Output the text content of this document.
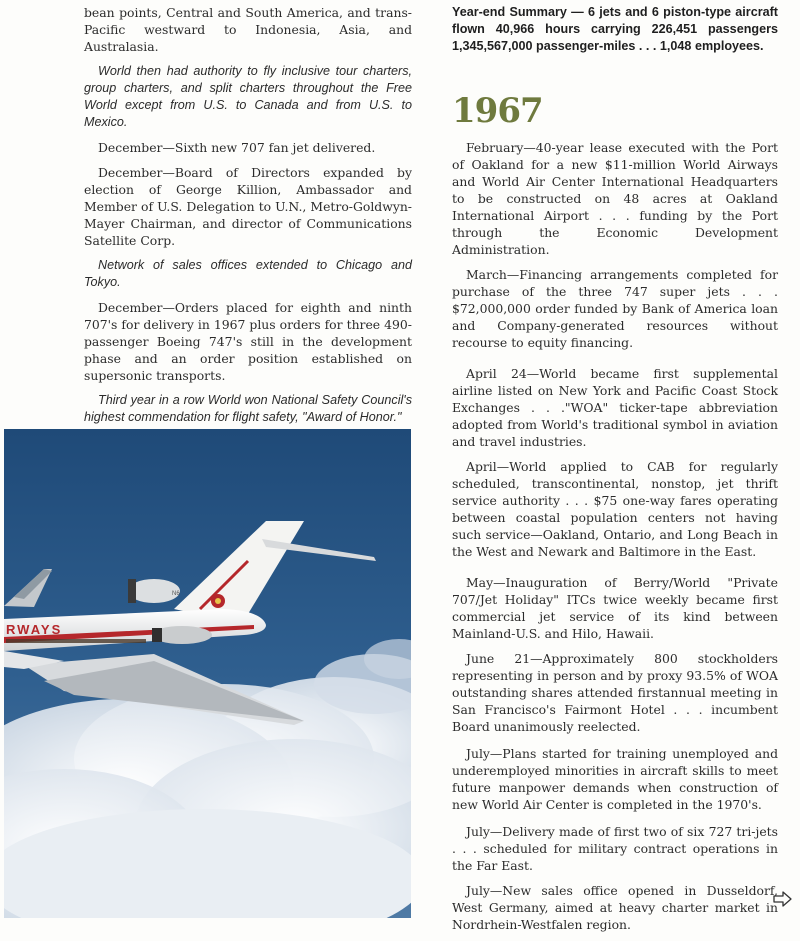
bean points, Central and South America, and trans-Pacific westward to Indonesia, Asia, and Australasia.

World then had authority to fly inclusive tour charters, group charters, and split charters throughout the Free World except from U.S. to Canada and from U.S. to Mexico.

December—Sixth new 707 fan jet delivered.

December—Board of Directors expanded by election of George Killion, Ambassador and Member of U.S. Delegation to U.N., Metro-Goldwyn-Mayer Chairman, and director of Communications Satellite Corp.

Network of sales offices extended to Chicago and Tokyo.

December—Orders placed for eighth and ninth 707's for delivery in 1967 plus orders for three 490-passenger Boeing 747's still in the development phase and an order position established on supersonic transports.

Third year in a row World won National Safety Council's highest commendation for flight safety, "Award of Honor."

N6
RWAYS

Year-end Summary — 6 jets and 6 piston-type aircraft flown 40,966 hours carrying 226,451 passengers 1,345,567,000 passenger-miles . . . 1,048 employees.

1967

February—40-year lease executed with the Port of Oakland for a new $11-million World Airways and World Air Center International Headquarters to be constructed on 48 acres at Oakland International Airport . . . funding by the Port through the Economic Development Administration.

March—Financing arrangements completed for purchase of the three 747 super jets . . . $72,000,000 order funded by Bank of America loan and Company-generated resources without recourse to equity financing.

April 24—World became first supplemental airline listed on New York and Pacific Coast Stock Exchanges . . ."WOA" ticker-tape abbreviation adopted from World's traditional symbol in aviation and travel industries.

April—World applied to CAB for regularly scheduled, transcontinental, nonstop, jet thrift service authority . . . $75 one-way fares operating between coastal population centers not having such service—Oakland, Ontario, and Long Beach in the West and Newark and Baltimore in the East.

May—Inauguration of Berry/World "Private 707/Jet Holiday" ITCs twice weekly became first commercial jet service of its kind between Mainland-U.S. and Hilo, Hawaii.

June 21—Approximately 800 stockholders representing in person and by proxy 93.5% of WOA outstanding shares attended firstannual meeting in San Francisco's Fairmont Hotel . . . incumbent Board unanimously reelected.

July—Plans started for training unemployed and underemployed minorities in aircraft skills to meet future manpower demands when construction of new World Air Center is completed in the 1970's.

July—Delivery made of first two of six 727 tri-jets . . . scheduled for military contract operations in the Far East.

July—New sales office opened in Dusseldorf, West Germany, aimed at heavy charter market in Nordrhein-Westfalen region.
